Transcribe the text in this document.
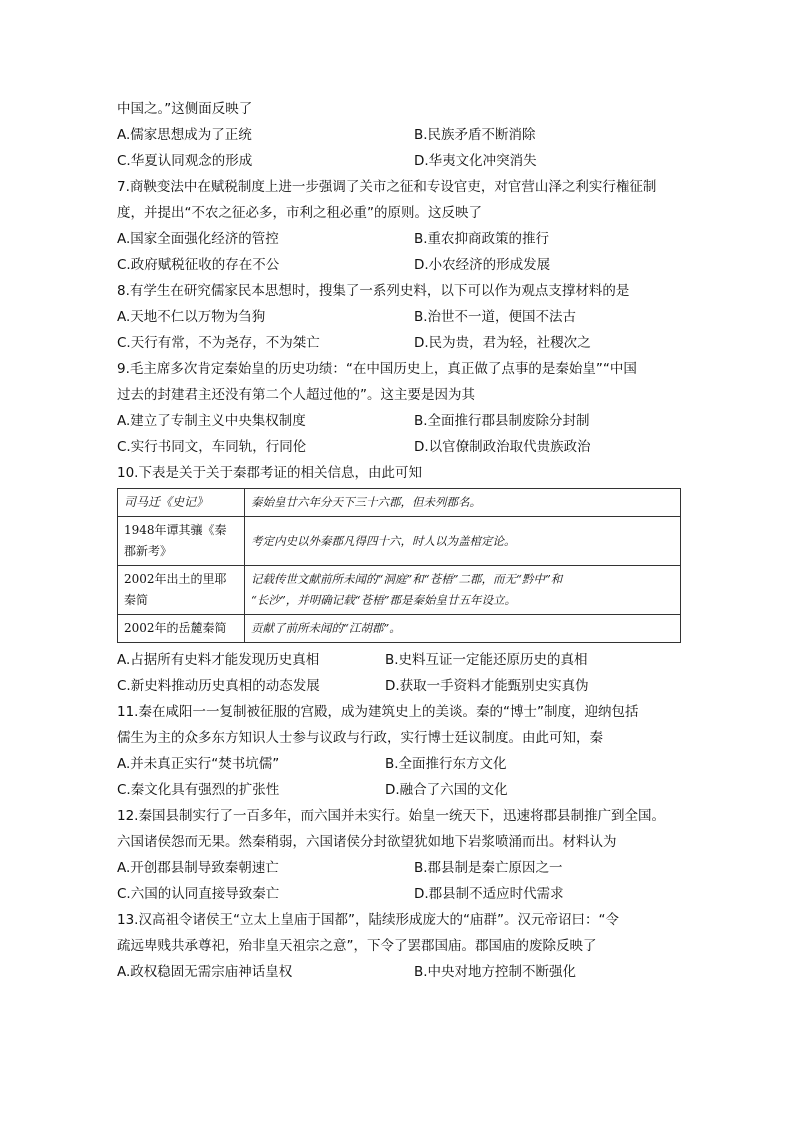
中国之。”这侧面反映了
A.儒家思想成为了正统	B.民族矛盾不断消除
C.华夏认同观念的形成	D.华夷文化冲突消失
7.商鞅变法中在赋税制度上进一步强调了关市之征和专设官吏，对官营山泽之利实行権征制
度，并提出“不农之征必多，市利之租必重”的原则。这反映了
A.国家全面强化经济的管控	B.重农抑商政策的推行
C.政府赋税征收的存在不公	D.小农经济的形成发展
8.有学生在研究儒家民本思想时，搜集了一系列史料，以下可以作为观点支撑材料的是
A.天地不仁以万物为刍狗	B.治世不一道，便国不法古
C.天行有常，不为尧存，不为桀亡	D.民为贵，君为轻，社稷次之
9.毛主席多次肯定秦始皇的历史功绩：“在中国历史上，真正做了点事的是秦始皇”“中国
过去的封建君主还没有第二个人超过他的”。这主要是因为其
A.建立了专制主义中央集权制度	B.全面推行郡县制废除分封制
C.实行书同文，车同轨，行同伦	D.以官僚制政治取代贵族政治
10.下表是关于关于秦郡考证的相关信息，由此可知
司马迁《史记》	秦始皇廿六年分天下三十六郡，但未列郡名。
1948年谭其骧《秦
郡新考》	考定内史以外秦郡凡得四十六，时人以为盖棺定论。
2002年出土的里耶
秦简	记载传世文献前所未闻的“洞庭”和“苍梧”二郡，而无“黔中”和
“长沙”，并明确记载“苍梧”郡是秦始皇廿五年设立。
2002年的岳麓秦简	贡献了前所未闻的“江胡郡”。
A.占据所有史料才能发现历史真相	B.史料互证一定能还原历史的真相
C.新史料推动历史真相的动态发展	D.获取一手资料才能甄别史实真伪
11.秦在咸阳一一复制被征服的宫殿，成为建筑史上的美谈。秦的“博士”制度，迎纳包括
儒生为主的众多东方知识人士参与议政与行政，实行博士廷议制度。由此可知，秦
A.并未真正实行“焚书坑儒”	B.全面推行东方文化
C.秦文化具有强烈的扩张性	D.融合了六国的文化
12.秦国县制实行了一百多年，而六国并未实行。始皇一统天下，迅速将郡县制推广到全国。
六国诸侯怨而无果。然秦稍弱，六国诸侯分封欲望犹如地下岩浆喷涌而出。材料认为
A.开创郡县制导致秦朝速亡	B.郡县制是秦亡原因之一
C.六国的认同直接导致秦亡	D.郡县制不适应时代需求
13.汉高祖令诸侯王“立太上皇庙于国都”，陆续形成庞大的“庙群”。汉元帝诏曰：“令
疏远卑贱共承尊祀，殆非皇天祖宗之意”，下令了罢郡国庙。郡国庙的废除反映了
A.政权稳固无需宗庙神话皇权	B.中央对地方控制不断强化
